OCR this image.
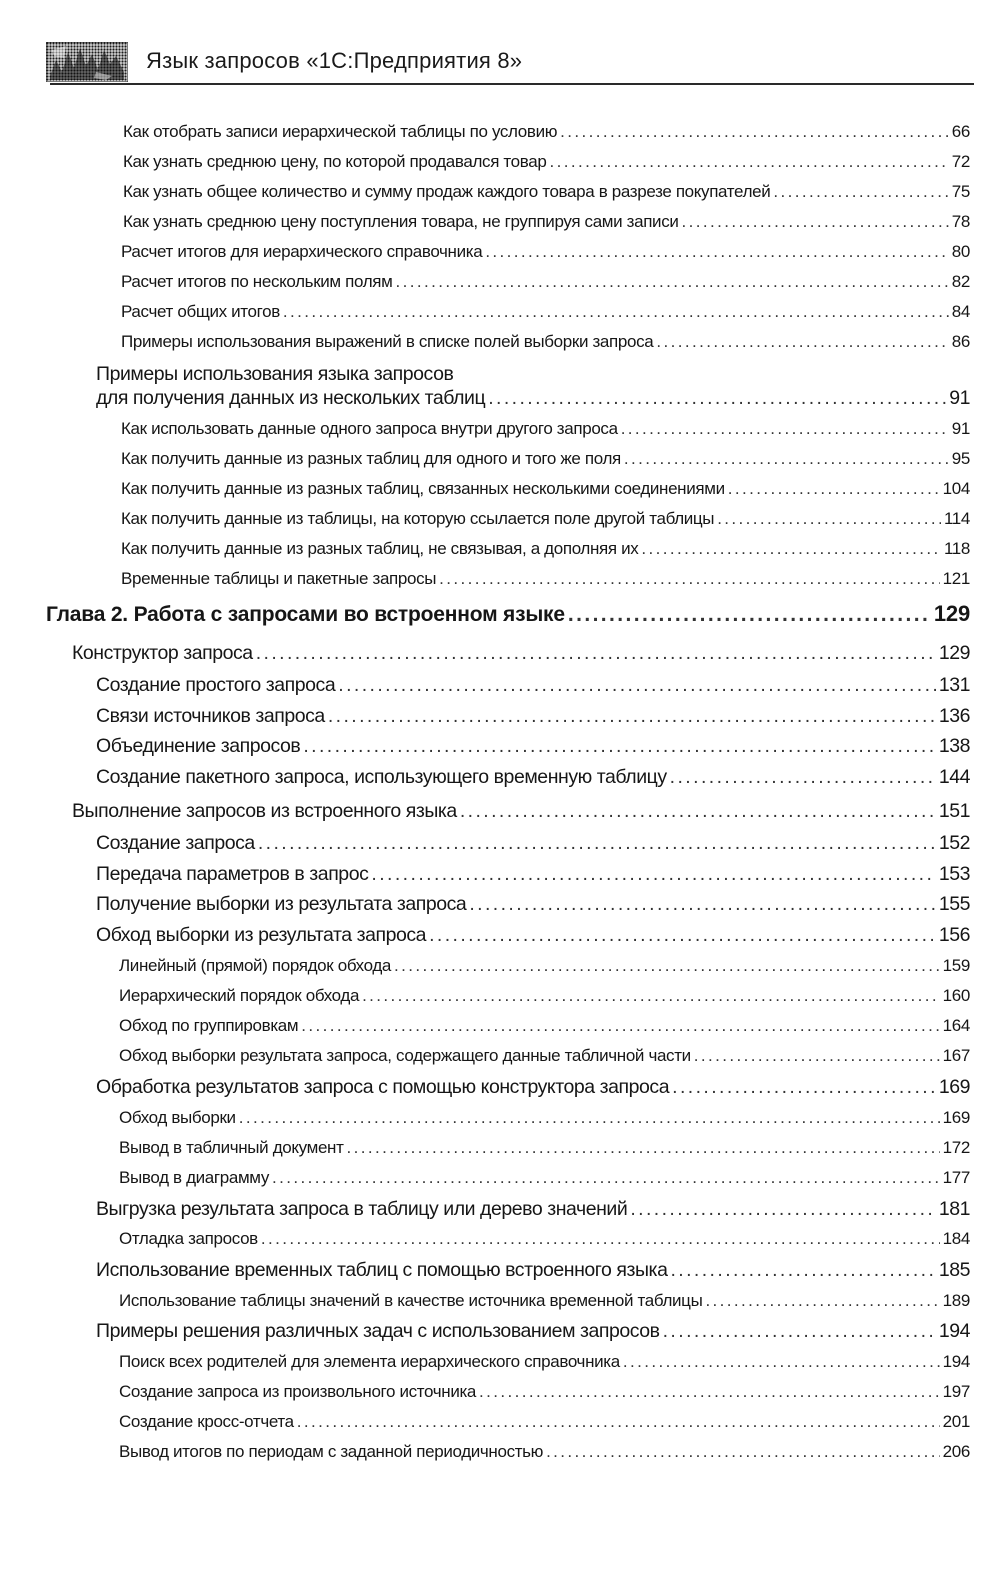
Язык запросов «1С:Предприятия 8»
Как отобрать записи иерархической таблицы по условию .....	66
Как узнать среднюю цену, по которой продавался товар .....	72
Как узнать общее количество и сумму продаж каждого товара в разрезе покупателей .....	75
Как узнать среднюю цену поступления товара, не группируя сами записи .....	78
Расчет итогов для иерархического справочника .....	80
Расчет итогов по нескольким полям .....	82
Расчет общих итогов .....	84
Примеры использования выражений в списке полей выборки запроса .....	86
Примеры использования языка запросов
для получения данных из нескольких таблиц .....	91
Как использовать данные одного запроса внутри другого запроса .....	91
Как получить данные из разных таблиц для одного и того же поля .....	95
Как получить данные из разных таблиц, связанных несколькими соединениями .....	104
Как получить данные из таблицы, на которую ссылается поле другой таблицы .....	114
Как получить данные из разных таблиц, не связывая, а дополняя их .....	118
Временные таблицы и пакетные запросы .....	121
Глава 2. Работа с запросами во встроенном языке .....	129
Конструктор запроса .....	129
Создание простого запроса .....	131
Связи источников запроса .....	136
Объединение запросов .....	138
Создание пакетного запроса, использующего временную таблицу .....	144
Выполнение запросов из встроенного языка .....	151
Создание запроса .....	152
Передача параметров в запрос .....	153
Получение выборки из результата запроса .....	155
Обход выборки из результата запроса .....	156
Линейный (прямой) порядок обхода .....	159
Иерархический порядок обхода .....	160
Обход по группировкам .....	164
Обход выборки результата запроса, содержащего данные табличной части .....	167
Обработка результатов запроса с помощью конструктора запроса .....	169
Обход выборки .....	169
Вывод в табличный документ .....	172
Вывод в диаграмму .....	177
Выгрузка результата запроса в таблицу или дерево значений .....	181
Отладка запросов .....	184
Использование временных таблиц с помощью встроенного языка .....	185
Использование таблицы значений в качестве источника временной таблицы .....	189
Примеры решения различных задач с использованием запросов .....	194
Поиск всех родителей для элемента иерархического справочника .....	194
Создание запроса из произвольного источника .....	197
Создание кросс-отчета .....	201
Вывод итогов по периодам с заданной периодичностью .....	206
